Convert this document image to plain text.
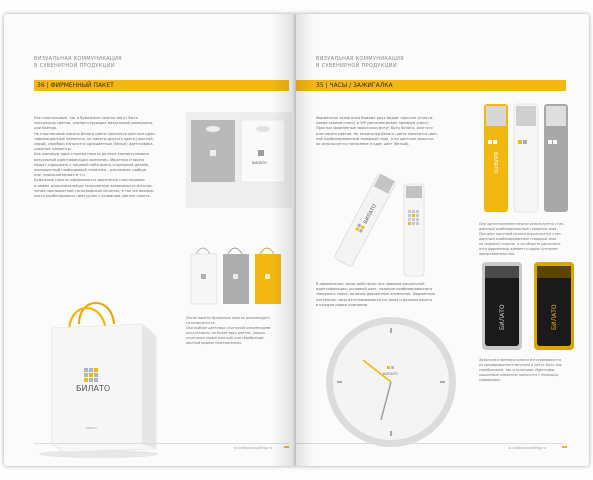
ВИЗУАЛЬНАЯ КОММУНИКАЦИЯ
В СУВЕНИРНОЙ ПРОДУКЦИИ
36 | ФИРМЕННЫЙ ПАКЕТ
Как пластиковые, так и бумажные пакеты могут быть
нескольких цветов, соответствующих визуальной коммуника-
ции бренда.
На пластиковые пакеты белого цвета наносятся цветные иден-
тификационные элементы, на пакеты другого цвета (желтый,
серый, серебро) наносятся одноцветные (белые) идентифика-
ционные элементы.
Как минимум одна сторона пакета должна соответствовать
визуальной идентификации компании, обратная сторона
может содержать с лицевой либо иметь отдельный дизайн,
посвященный необходимой тематике – рекламное сообще-
ние, промо-материал и т.п.
Бумажные пакеты оформляются идентично пластиковым
и имеют дополнительную техническую возможность изготов-
ления полноцветной типографской печатью, а так же возмож-
ность комбинировать цвет ручек с основным цветом пакета.
БИЛАТО
После пакеты бумажные пакеты рекомендует-
ся возможность.
При выборе цветовых сочетаний рекомендуем
использовать не более двух цветов, (напри-
сочетания серый желтый) или серебряный-
желтый крайне нежелательно.
БИЛАТО
ВИЛАТО
ul.bilatoconsulting.ru
ВИЗУАЛЬНАЯ КОММУНИКАЦИЯ
В СУВЕНИРНОЙ ПРОДУКЦИИ
35 | ЧАСЫ / ЗАЖИГАЛКА
Фирменные зажигалки бывают двух видов: простые (пласти-
ковые эконом класс) и VIP (металлические премиум класс).
Простые фирменные зажигалки могут быть белого, желтого
или серого цветов. На зажигалки белого цвета наносится цвет-
ной комбинированный товарный знак, а на цветные зажигал-
ки используется нанесение в один цвет (белый).
БИЛАТО
БИЛАТО
При одностороннем печати используется стан-
дартный комбинированный товарный знак.
При двусторонней печати используется стан-
дартный комбинированный товарный знак
на лицевой стороне, а на обороте располага-
ется фирменный элемент и адрес интернет
представительства.
В оформлении часов действуют все правила визуальной
идентификации: основной цвет, наличие комбинированного
товарного знака, наличие фирменных элементов. Фирменные
настенные часы изготавливаются на заказ и должны висеть
в каждом офисе компании.
БИЛАТО
БИЛАТО	БИЛАТО
Зажигалки премиум класса изготавливаются
из хромированного металла и могут быть как
серебряными, так и золотыми. Идентифи-
кационные элементы наносятся с помощью
гравировки.
ul.bilatoconsulting.ru
